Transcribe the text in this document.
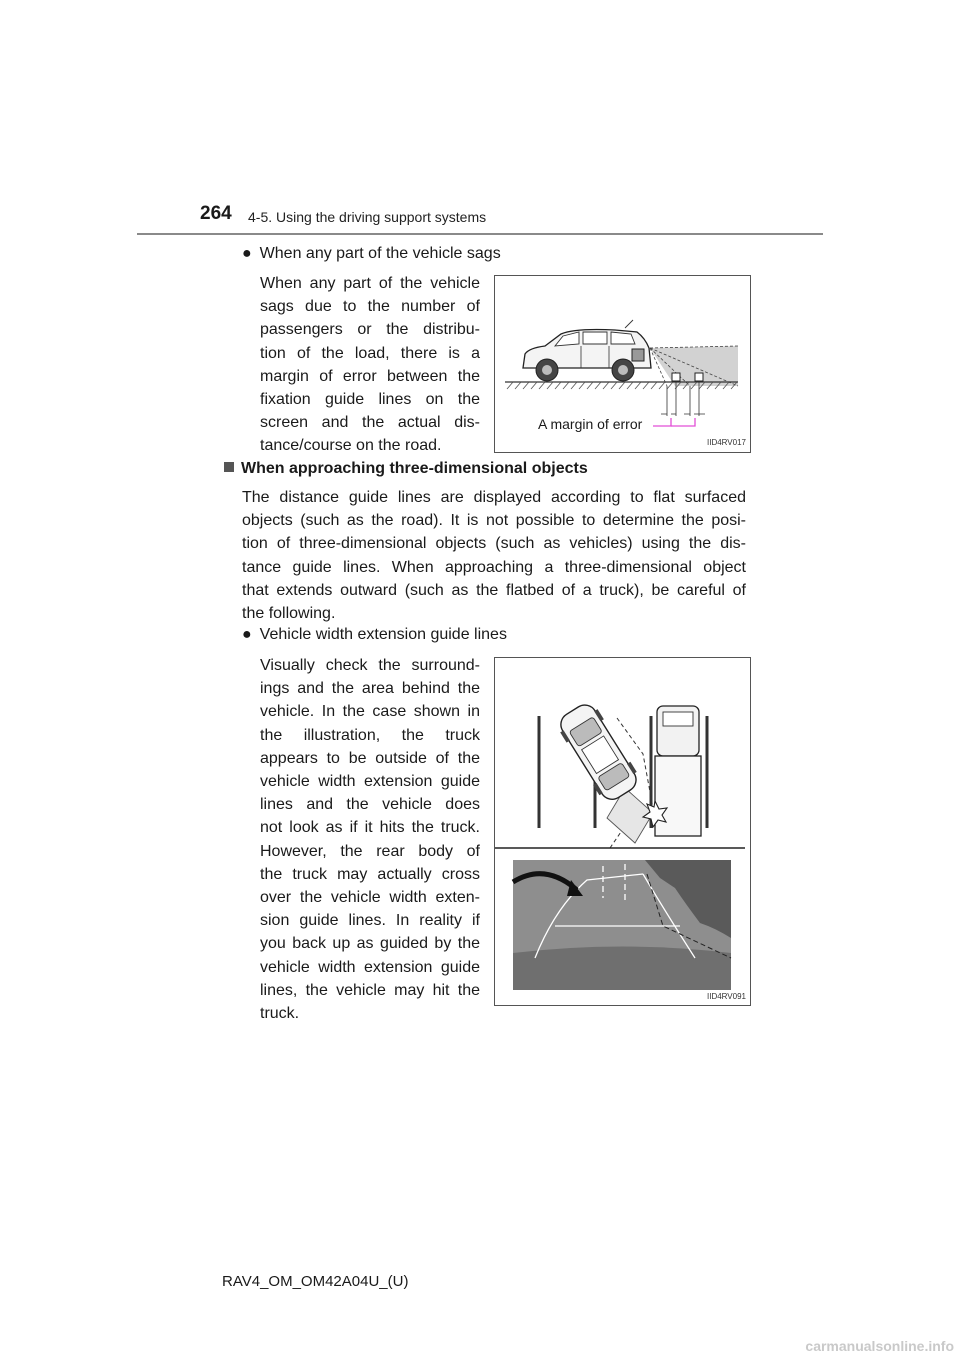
264 4-5. Using the driving support systems
● When any part of the vehicle sags
When any part of the vehicle
sags due to the number of
passengers or the distribu-
tion of the load, there is a
margin of error between the
fixation guide lines on the
screen and the actual dis-
tance/course on the road.
A margin of error
IID4RV017
When approaching three-dimensional objects
The distance guide lines are displayed according to flat surfaced
objects (such as the road). It is not possible to determine the posi-
tion of three-dimensional objects (such as vehicles) using the dis-
tance guide lines. When approaching a three-dimensional object
that extends outward (such as the flatbed of a truck), be careful of
the following.
● Vehicle width extension guide lines
Visually check the surround-
ings and the area behind the
vehicle. In the case shown in
the illustration, the truck
appears to be outside of the
vehicle width extension guide
lines and the vehicle does
not look as if it hits the truck.
However, the rear body of
the truck may actually cross
over the vehicle width exten-
sion guide lines. In reality if
you back up as guided by the
vehicle width extension guide
lines, the vehicle may hit the
truck.
IID4RV091
RAV4_OM_OM42A04U_(U)
carmanualsonline.info
